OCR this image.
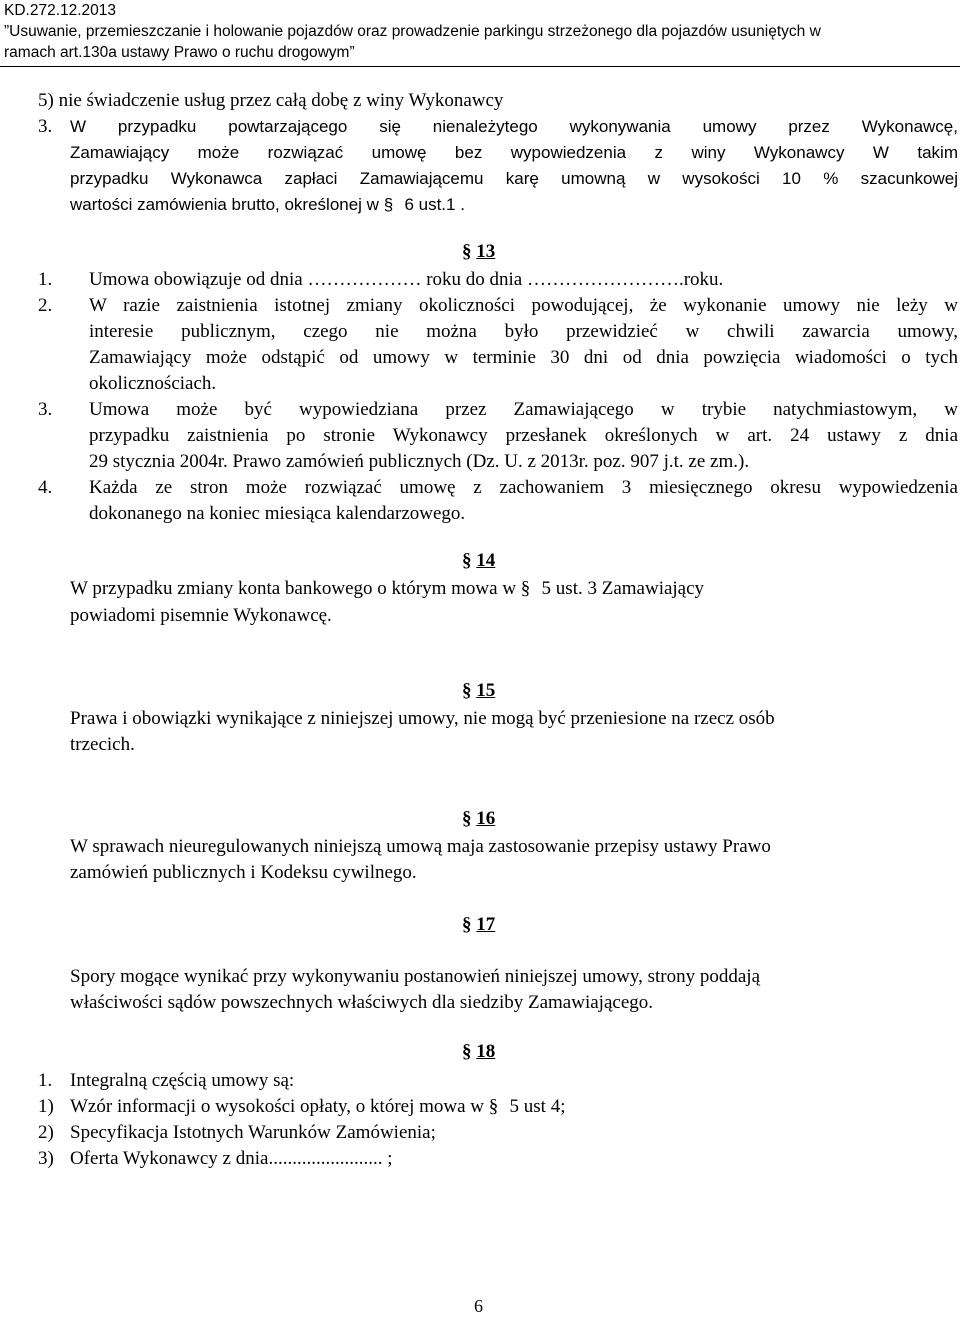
KD.272.12.2013
”Usuwanie, przemieszczanie i holowanie pojazdów oraz prowadzenie parkingu strzeżonego dla pojazdów usuniętych w
ramach art.130a ustawy Prawo o ruchu drogowym”
5) nie świadczenie usług przez całą dobę z winy Wykonawcy
3. W przypadku powtarzającego się nienależytego wykonywania umowy przez Wykonawcę,
Zamawiający może rozwiązać umowę bez wypowiedzenia z winy Wykonawcy W takim
przypadku Wykonawca zapłaci Zamawiającemu karę umowną w wysokości 10 % szacunkowej
wartości zamówienia brutto, określonej w § 6 ust.1 .
§ 13
1. Umowa obowiązuje od dnia ……………… roku do dnia …………………….roku.
2. W razie zaistnienia istotnej zmiany okoliczności powodującej, że wykonanie umowy nie leży w
interesie publicznym, czego nie można było przewidzieć w chwili zawarcia umowy,
Zamawiający może odstąpić od umowy w terminie 30 dni od dnia powzięcia wiadomości o tych
okolicznościach.
3. Umowa może być wypowiedziana przez Zamawiającego w trybie natychmiastowym, w
przypadku zaistnienia po stronie Wykonawcy przesłanek określonych w art. 24 ustawy z dnia
29 stycznia 2004r. Prawo zamówień publicznych (Dz. U. z 2013r. poz. 907 j.t. ze zm.).
4. Każda ze stron może rozwiązać umowę z zachowaniem 3 miesięcznego okresu wypowiedzenia
dokonanego na koniec miesiąca kalendarzowego.
§ 14
W przypadku zmiany konta bankowego o którym mowa w § 5 ust. 3 Zamawiający
powiadomi pisemnie Wykonawcę.
§ 15
Prawa i obowiązki wynikające z niniejszej umowy, nie mogą być przeniesione na rzecz osób
trzecich.
§ 16
W sprawach nieuregulowanych niniejszą umową maja zastosowanie przepisy ustawy Prawo
zamówień publicznych i Kodeksu cywilnego.
§ 17
Spory mogące wynikać przy wykonywaniu postanowień niniejszej umowy, strony poddają
właściwości sądów powszechnych właściwych dla siedziby Zamawiającego.
§ 18
1. Integralną częścią umowy są:
1) Wzór informacji o wysokości opłaty, o której mowa w § 5 ust 4;
2) Specyfikacja Istotnych Warunków Zamówienia;
3) Oferta Wykonawcy z dnia........................ ;
6
